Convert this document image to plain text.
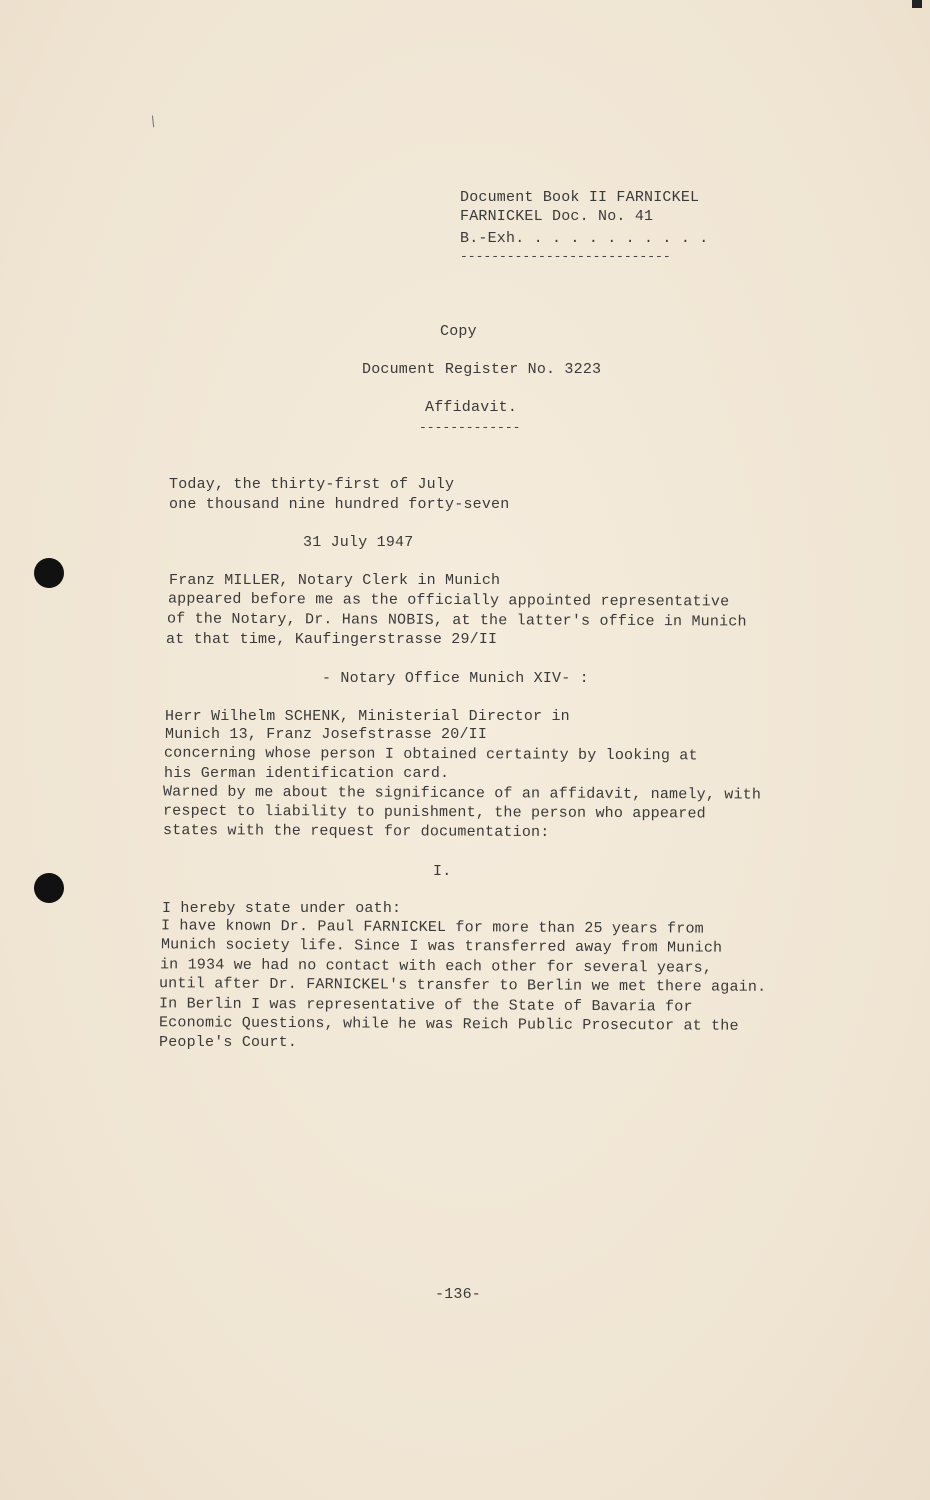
/
Document Book II FARNICKEL
FARNICKEL Doc. No. 41
B.-Exh. . . . . . . . . . .
---------------------------
Copy
Document Register No. 3223
Affidavit.
-------------
Today, the thirty-first of July
one thousand nine hundred forty-seven
31 July 1947
Franz MILLER, Notary Clerk in Munich
appeared before me as the officially appointed representative
of the Notary, Dr. Hans NOBIS, at the latter's office in Munich
at that time, Kaufingerstrasse 29/II
- Notary Office Munich XIV- :
Herr Wilhelm SCHENK, Ministerial Director in
Munich 13, Franz Josefstrasse 20/II
concerning whose person I obtained certainty by looking at
his German identification card.
Warned by me about the significance of an affidavit, namely, with
respect to liability to punishment, the person who appeared
states with the request for documentation:
I.
I hereby state under oath:
I have known Dr. Paul FARNICKEL for more than 25 years from
Munich society life. Since I was transferred away from Munich
in 1934 we had no contact with each other for several years,
until after Dr. FARNICKEL's transfer to Berlin we met there again.
In Berlin I was representative of the State of Bavaria for
Economic Questions, while he was Reich Public Prosecutor at the
People's Court.
-136-
